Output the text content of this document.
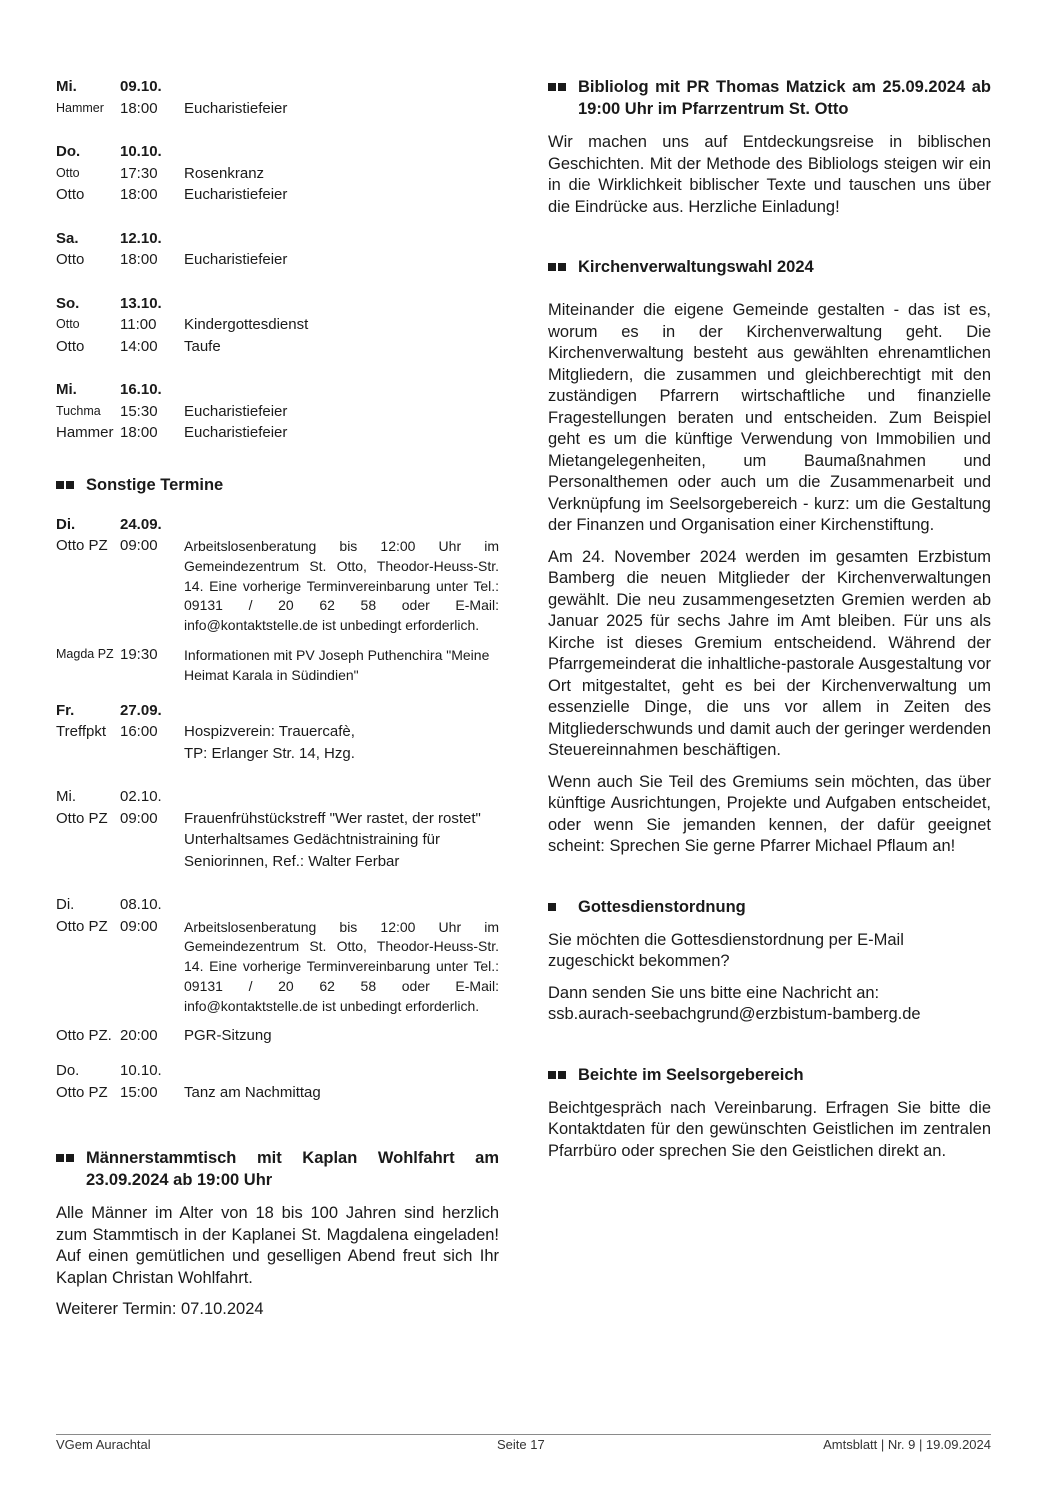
Mi.	09.10.
Hammer	18:00	Eucharistiefeier
Do.	10.10.
Otto	17:30	Rosenkranz
Otto	18:00	Eucharistiefeier
Sa.	12.10.
Otto	18:00	Eucharistiefeier
So.	13.10.
Otto	11:00	Kindergottesdienst
Otto	14:00	Taufe
Mi.	16.10.
Tuchma	15:30	Eucharistiefeier
Hammer 18:00	Eucharistiefeier
Sonstige Termine
Di.	24.09.
Otto PZ 09:00	Arbeitslosenberatung bis 12:00 Uhr im Gemeindezentrum St. Otto, Theodor-Heuss-Str. 14. Eine vorherige Terminvereinbarung unter Tel.: 09131 / 20 62 58 oder E-Mail: info@kontaktstelle.de ist unbedingt erforderlich.
Magda PZ 19:30	Informationen mit PV Joseph Puthenchira "Meine Heimat Karala in Südindien"
Fr.	27.09.
Treffpkt 16:00	Hospizverein: Trauercafè,
TP: Erlanger Str. 14, Hzg.
Mi.	02.10.
Otto PZ 09:00	Frauenfrühstückstreff "Wer rastet, der rostet"
Unterhaltsames Gedächtnistraining für
Seniorinnen, Ref.: Walter Ferbar
Di.	08.10.
Otto PZ 09:00	Arbeitslosenberatung bis 12:00 Uhr im Gemeindezentrum St. Otto, Theodor-Heuss-Str. 14. Eine vorherige Terminvereinbarung unter Tel.: 09131 / 20 62 58 oder E-Mail: info@kontaktstelle.de ist unbedingt erforderlich.
Otto PZ. 20:00	PGR-Sitzung
Do.	10.10.
Otto PZ 15:00	Tanz am Nachmittag
Männerstammtisch mit Kaplan Wohlfahrt am 23.09.2024 ab 19:00 Uhr

Alle Männer im Alter von 18 bis 100 Jahren sind herzlich zum Stammtisch in der Kaplanei St. Magdalena eingeladen! Auf einen gemütlichen und geselligen Abend freut sich Ihr Kaplan Christan Wohlfahrt.

Weiterer Termin: 07.10.2024

Bibliolog mit PR Thomas Matzick am 25.09.2024 ab 19:00 Uhr im Pfarrzentrum St. Otto

Wir machen uns auf Entdeckungsreise in biblischen Geschichten. Mit der Methode des Bibliologs steigen wir ein in die Wirklichkeit biblischer Texte und tauschen uns über die Eindrücke aus. Herzliche Einladung!

Kirchenverwaltungswahl 2024

Miteinander die eigene Gemeinde gestalten - das ist es, worum es in der Kirchenverwaltung geht. Die Kirchenverwaltung besteht aus gewählten ehrenamtlichen Mitgliedern, die zusammen und gleichberechtigt mit den zuständigen Pfarrern wirtschaftliche und finanzielle Fragestellungen beraten und entscheiden. Zum Beispiel geht es um die künftige Verwendung von Immobilien und Mietangelegenheiten, um Baumaßnahmen und Personalthemen oder auch um die Zusammenarbeit und Verknüpfung im Seelsorgebereich - kurz: um die Gestaltung der Finanzen und Organisation einer Kirchenstiftung.

Am 24. November 2024 werden im gesamten Erzbistum Bamberg die neuen Mitglieder der Kirchenverwaltungen gewählt. Die neu zusammengesetzten Gremien werden ab Januar 2025 für sechs Jahre im Amt bleiben. Für uns als Kirche ist dieses Gremium entscheidend. Während der Pfarrgemeinderat die inhaltliche-pastorale Ausgestaltung vor Ort mitgestaltet, geht es bei der Kirchenverwaltung um essenzielle Dinge, die uns vor allem in Zeiten des Mitgliederschwunds und damit auch der geringer werdenden Steuereinnahmen beschäftigen.

Wenn auch Sie Teil des Gremiums sein möchten, das über künftige Ausrichtungen, Projekte und Aufgaben entscheidet, oder wenn Sie jemanden kennen, der dafür geeignet scheint: Sprechen Sie gerne Pfarrer Michael Pflaum an!

Gottesdienstordnung

Sie möchten die Gottesdienstordnung per E-Mail zugeschickt bekommen?

Dann senden Sie uns bitte eine Nachricht an:

ssb.aurach-seebachgrund@erzbistum-bamberg.de

Beichte im Seelsorgebereich

Beichtgespräch nach Vereinbarung. Erfragen Sie bitte die Kontaktdaten für den gewünschten Geistlichen im zentralen Pfarrbüro oder sprechen Sie den Geistlichen direkt an.

VGem Aurachtal	Seite 17	Amtsblatt | Nr. 9 | 19.09.2024
